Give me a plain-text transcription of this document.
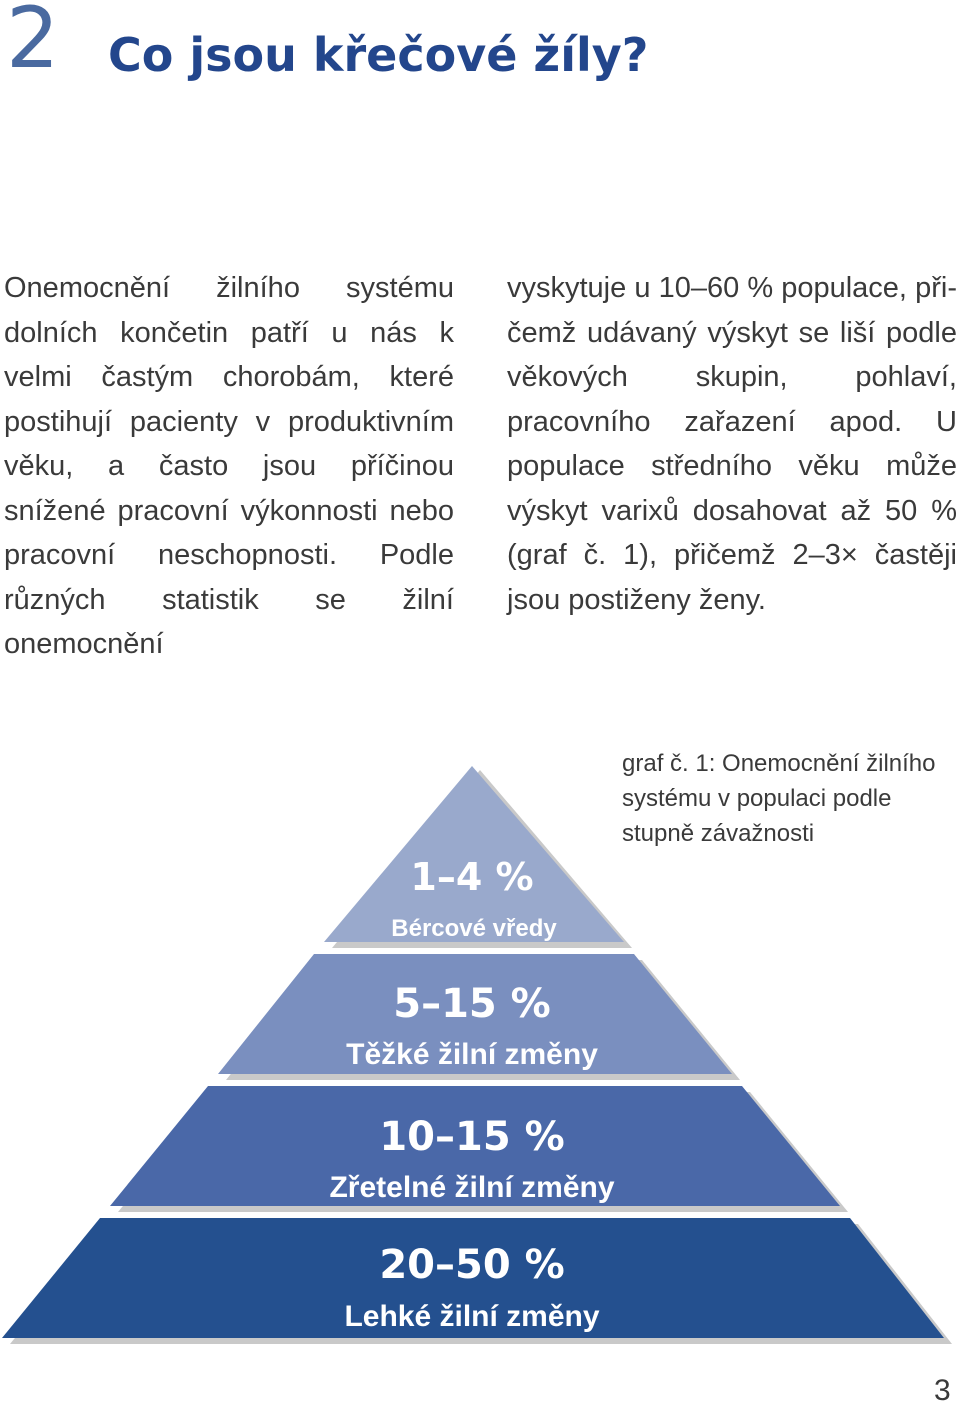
2 Co jsou křečové žíly?

Onemocnění žilního systému dolních končetin patří u nás k velmi častým chorobám, které postihují pacienty v produktivním věku, a často jsou příčinou snížené pracovní výkonnosti nebo pracovní neschopnosti. Podle různých statistik se žilní onemocnění

vyskytuje u 10–60 % populace, přičemž udávaný výskyt se liší podle věkových skupin, pohlaví, pracovního zařazení apod. U populace středního věku může výskyt varixů dosahovat až 50 % (graf č. 1), přičemž 2–3× častěji jsou postiženy ženy.

1–4 %
Bércové vředy
5–15 %
Těžké žilní změny
10–15 %
Zřetelné žilní změny
20–50 %
Lehké žilní změny
graf č. 1: Onemocnění žilního systému v populaci podle stupně závažnosti
3
